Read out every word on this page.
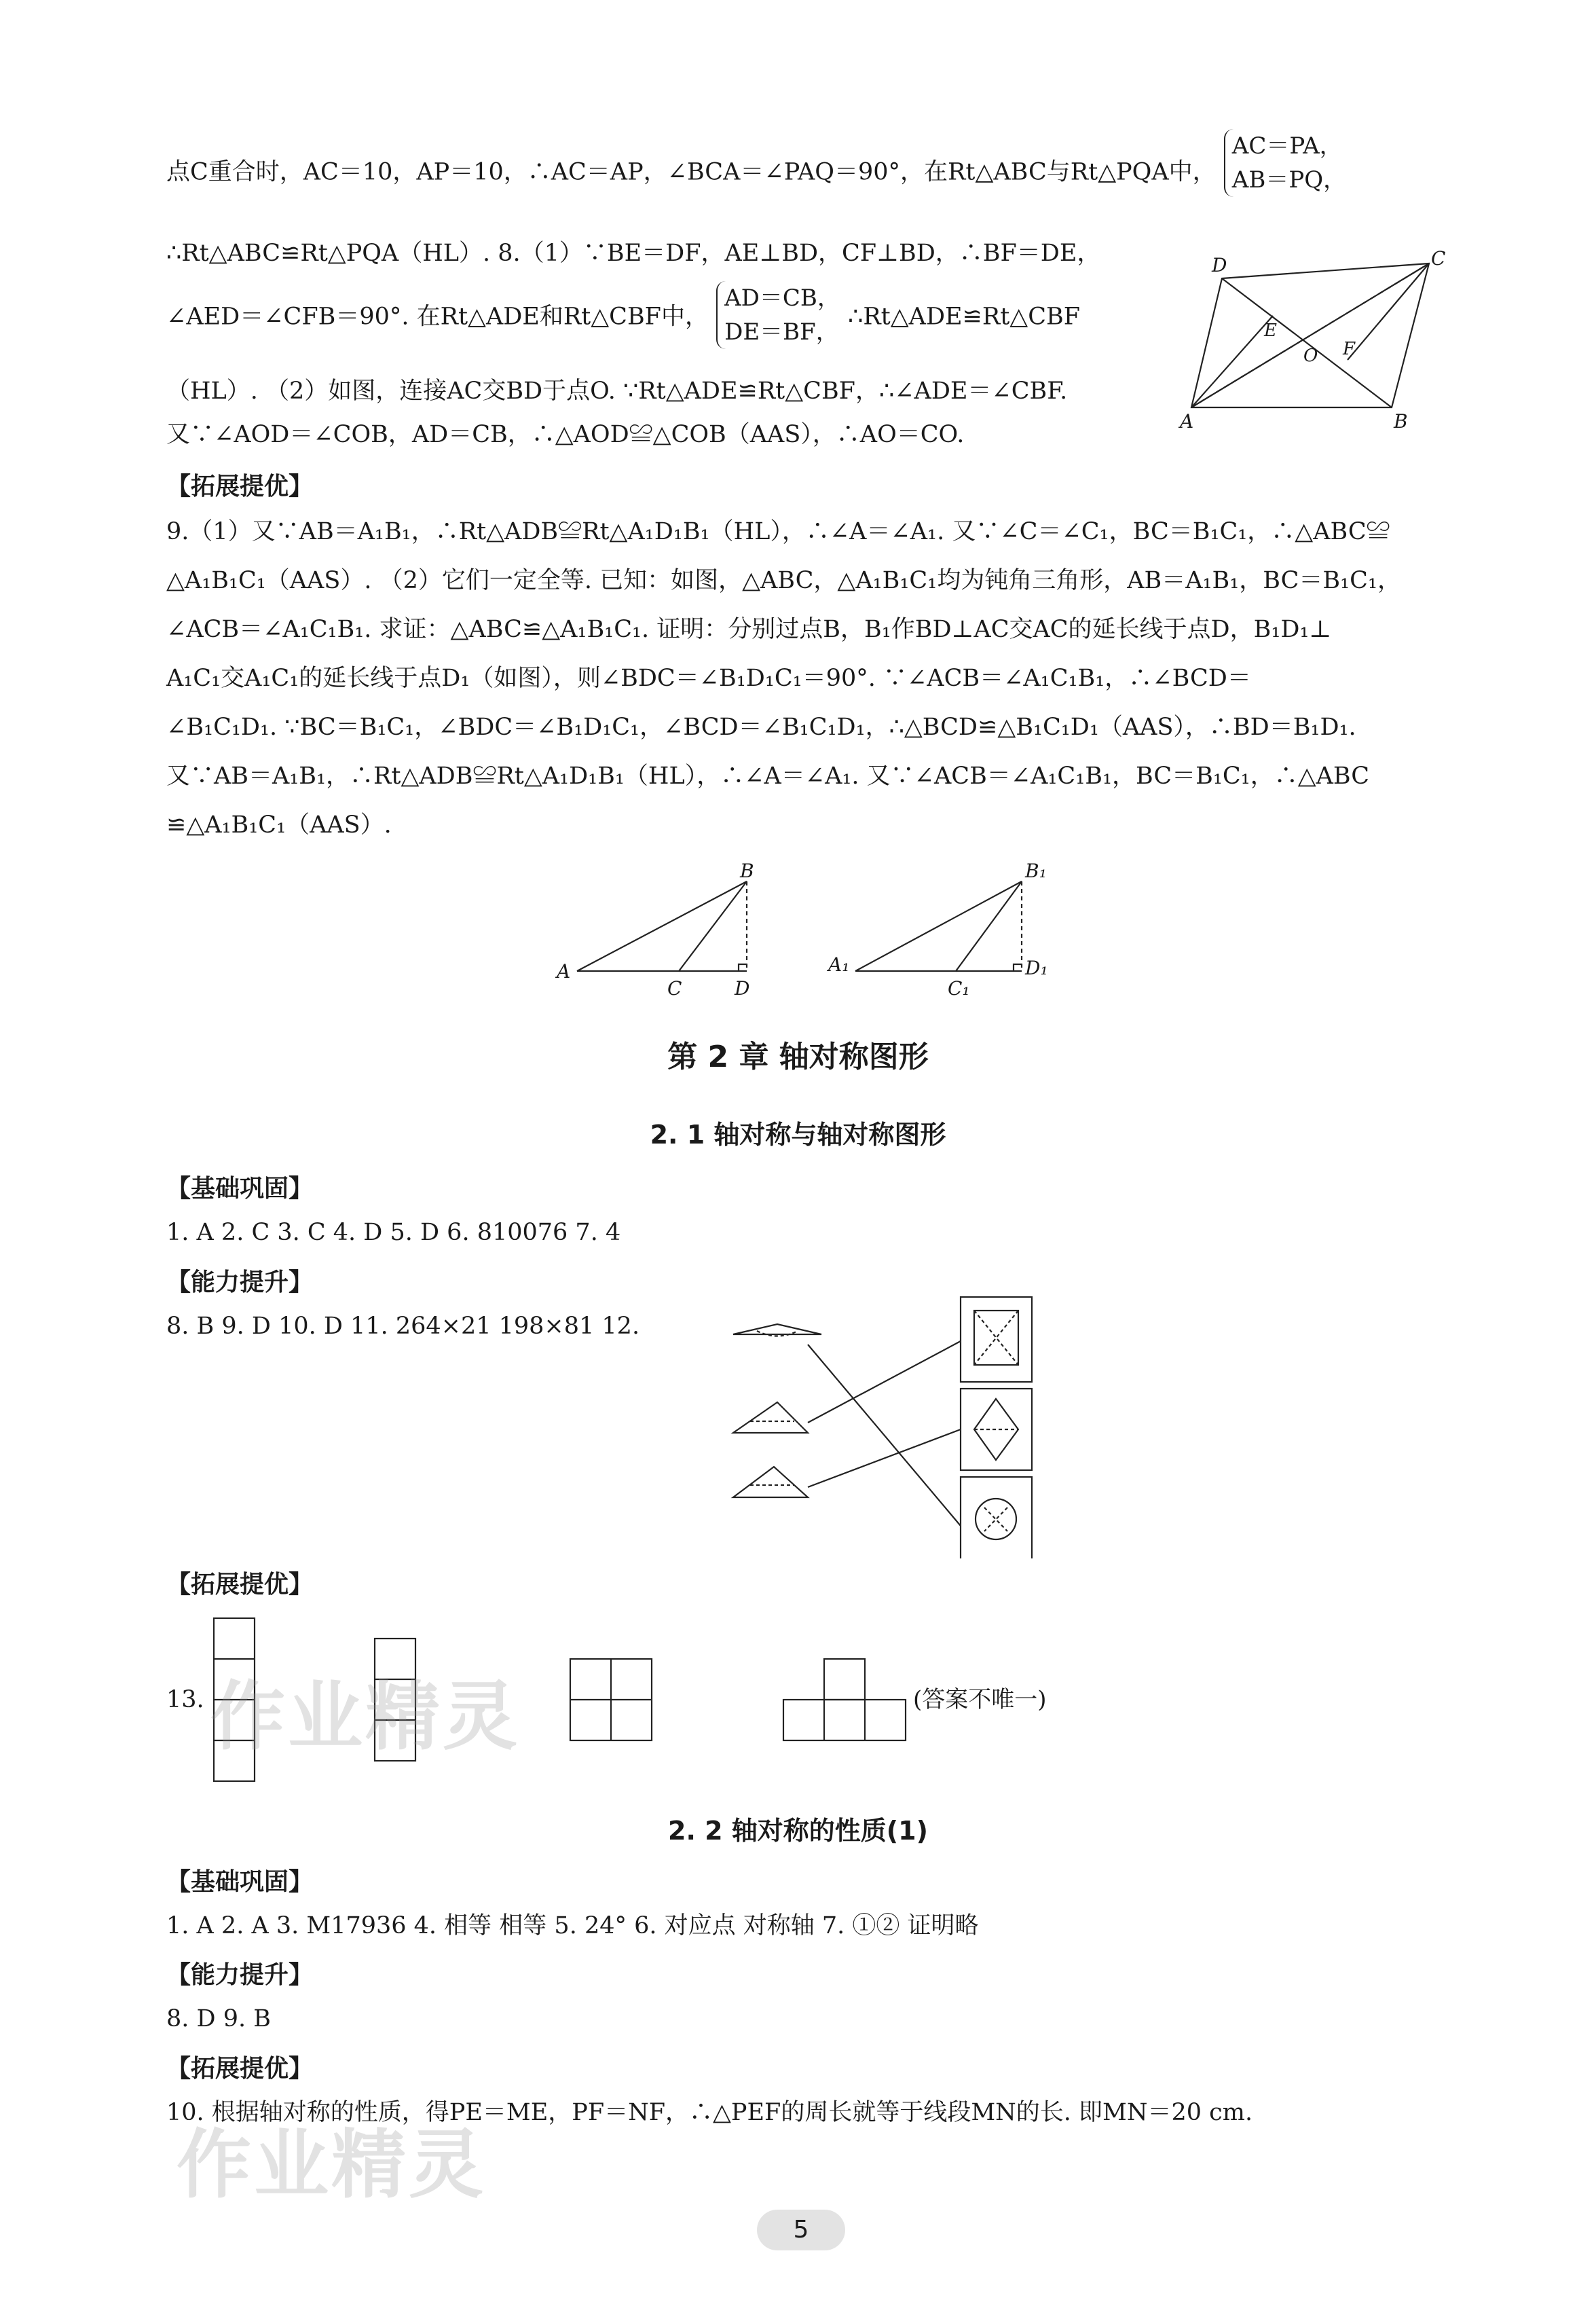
点C重合时，AC＝10，AP＝10，∴AC＝AP，∠BCA＝∠PAQ＝90°，在Rt△ABC与Rt△PQA中，
AC＝PA，
AB＝PQ，
∴Rt△ABC≌Rt△PQA（HL）. 8.（1）∵BE＝DF，AE⊥BD，CF⊥BD，∴BF＝DE，
∠AED＝∠CFB＝90°. 在Rt△ADE和Rt△CBF中，
AD＝CB，
DE＝BF，
∴Rt△ADE≌Rt△CBF
（HL）. （2）如图，连接AC交BD于点O. ∵Rt△ADE≌Rt△CBF，∴∠ADE＝∠CBF.
又∵∠AOD＝∠COB，AD＝CB，∴△AOD≌△COB（AAS），∴AO＝CO.
D	C
E
O F
A	B
【拓展提优】
9.（1）又∵AB＝A₁B₁，∴Rt△ADB≌Rt△A₁D₁B₁（HL），∴∠A＝∠A₁. 又∵∠C＝∠C₁，BC＝B₁C₁，∴△ABC≌
△A₁B₁C₁（AAS）. （2）它们一定全等. 已知：如图，△ABC，△A₁B₁C₁均为钝角三角形，AB＝A₁B₁，BC＝B₁C₁，
∠ACB＝∠A₁C₁B₁. 求证：△ABC≌△A₁B₁C₁. 证明：分别过点B，B₁作BD⊥AC交AC的延长线于点D，B₁D₁⊥
A₁C₁交A₁C₁的延长线于点D₁（如图），则∠BDC＝∠B₁D₁C₁＝90°. ∵∠ACB＝∠A₁C₁B₁，∴∠BCD＝
∠B₁C₁D₁. ∵BC＝B₁C₁，∠BDC＝∠B₁D₁C₁，∠BCD＝∠B₁C₁D₁，∴△BCD≌△B₁C₁D₁（AAS），∴BD＝B₁D₁.
又∵AB＝A₁B₁，∴Rt△ADB≌Rt△A₁D₁B₁（HL），∴∠A＝∠A₁. 又∵∠ACB＝∠A₁C₁B₁，BC＝B₁C₁，∴△ABC
≌△A₁B₁C₁（AAS）.
A
B
C	D
A₁
B₁
C₁
D₁
第 2 章 轴对称图形
2. 1 轴对称与轴对称图形
【基础巩固】
1. A 2. C 3. C 4. D 5. D 6. 810076 7. 4
【能力提升】
8. B 9. D 10. D 11. 264×21 198×81 12.
【拓展提优】
13.	(答案不唯一)
作业精灵
2. 2 轴对称的性质(1)
【基础巩固】
1. A 2. A 3. M17936 4. 相等 相等 5. 24° 6. 对应点 对称轴 7. ①② 证明略
【能力提升】
8. D 9. B
【拓展提优】
10. 根据轴对称的性质，得PE＝ME，PF＝NF，∴△PEF的周长就等于线段MN的长. 即MN＝20 cm.
作业精灵
5
